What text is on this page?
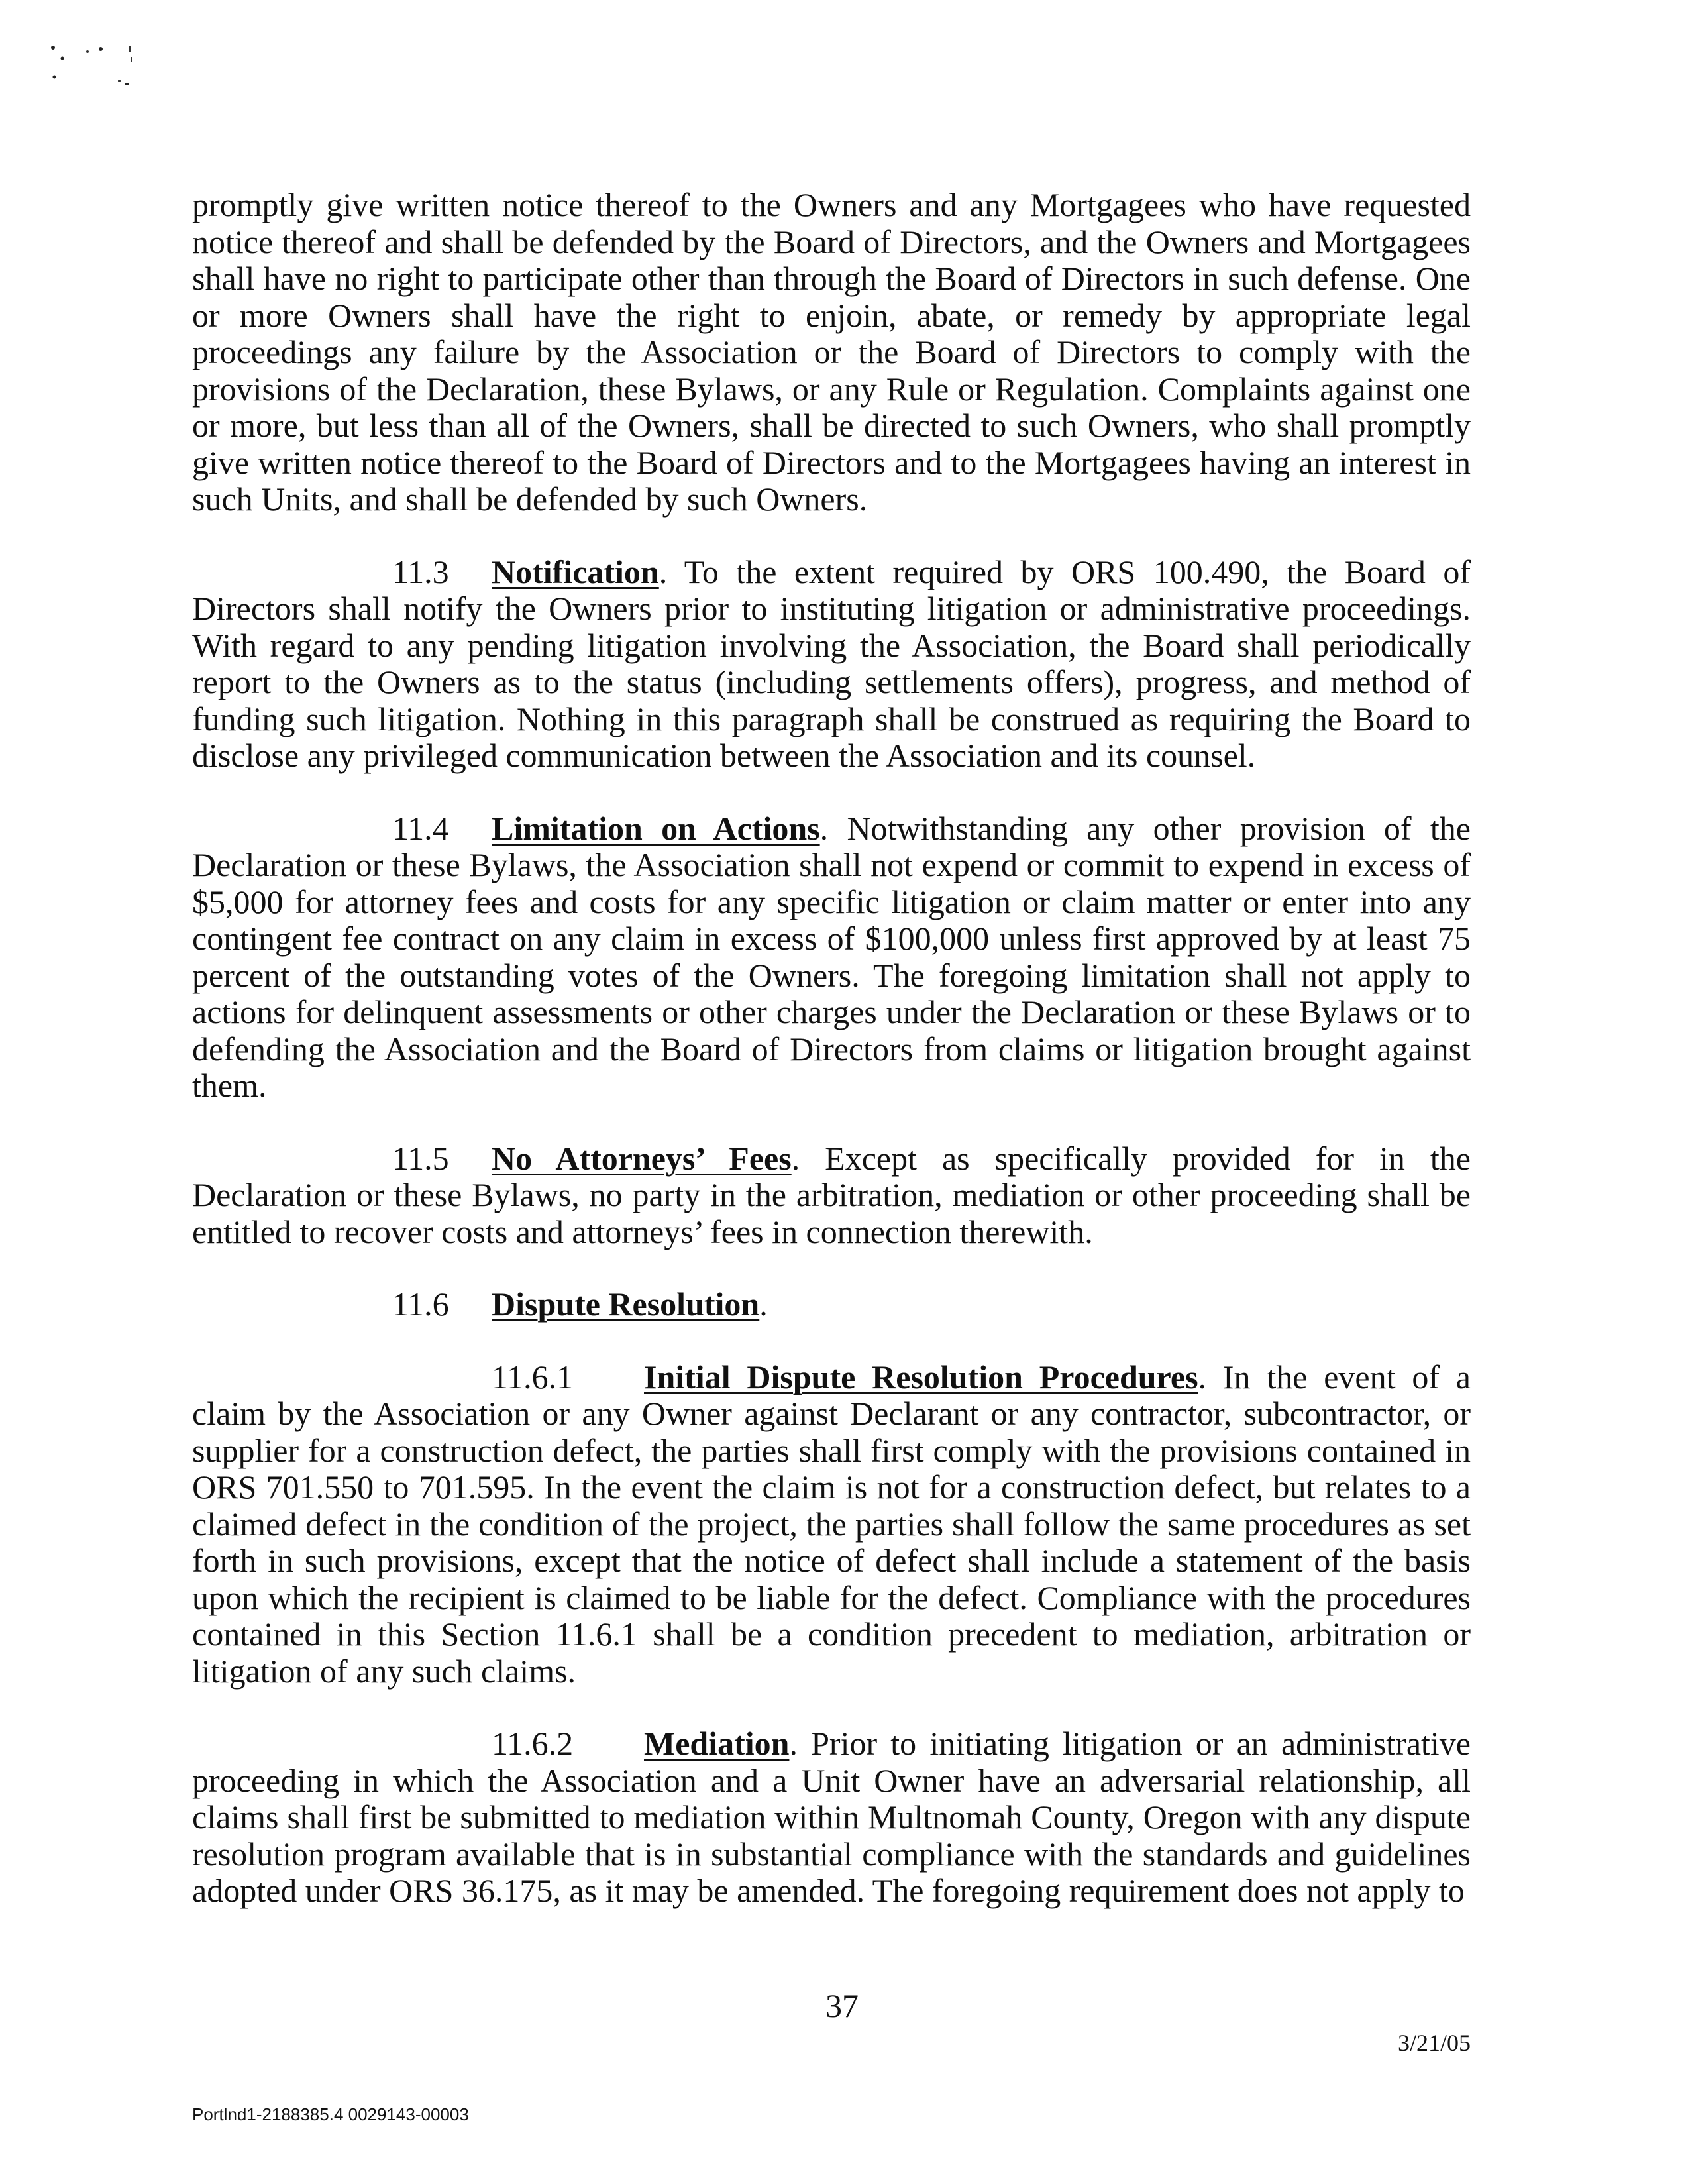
promptly give written notice thereof to the Owners and any Mortgagees who have requested notice thereof and shall be defended by the Board of Directors, and the Owners and Mortgagees shall have no right to participate other than through the Board of Directors in such defense. One or more Owners shall have the right to enjoin, abate, or remedy by appropriate legal proceedings any failure by the Association or the Board of Directors to comply with the provisions of the Declaration, these Bylaws, or any Rule or Regulation. Complaints against one or more, but less than all of the Owners, shall be directed to such Owners, who shall promptly give written notice thereof to the Board of Directors and to the Mortgagees having an interest in such Units, and shall be defended by such Owners.

11.3 Notification. To the extent required by ORS 100.490, the Board of Directors shall notify the Owners prior to instituting litigation or administrative proceedings. With regard to any pending litigation involving the Association, the Board shall periodically report to the Owners as to the status (including settlements offers), progress, and method of funding such litigation. Nothing in this paragraph shall be construed as requiring the Board to disclose any privileged communication between the Association and its counsel.

11.4 Limitation on Actions. Notwithstanding any other provision of the Declaration or these Bylaws, the Association shall not expend or commit to expend in excess of $5,000 for attorney fees and costs for any specific litigation or claim matter or enter into any contingent fee contract on any claim in excess of $100,000 unless first approved by at least 75 percent of the outstanding votes of the Owners. The foregoing limitation shall not apply to actions for delinquent assessments or other charges under the Declaration or these Bylaws or to defending the Association and the Board of Directors from claims or litigation brought against them.

11.5 No Attorneys’ Fees. Except as specifically provided for in the Declaration or these Bylaws, no party in the arbitration, mediation or other proceeding shall be entitled to recover costs and attorneys’ fees in connection therewith.

11.6 Dispute Resolution.

11.6.1 Initial Dispute Resolution Procedures. In the event of a claim by the Association or any Owner against Declarant or any contractor, subcontractor, or supplier for a construction defect, the parties shall first comply with the provisions contained in ORS 701.550 to 701.595. In the event the claim is not for a construction defect, but relates to a claimed defect in the condition of the project, the parties shall follow the same procedures as set forth in such provisions, except that the notice of defect shall include a statement of the basis upon which the recipient is claimed to be liable for the defect. Compliance with the procedures contained in this Section 11.6.1 shall be a condition precedent to mediation, arbitration or litigation of any such claims.

11.6.2 Mediation. Prior to initiating litigation or an administrative proceeding in which the Association and a Unit Owner have an adversarial relationship, all claims shall first be submitted to mediation within Multnomah County, Oregon with any dispute resolution program available that is in substantial compliance with the standards and guidelines adopted under ORS 36.175, as it may be amended. The foregoing requirement does not apply to

37
3/21/05
Portlnd1-2188385.4 0029143-00003
